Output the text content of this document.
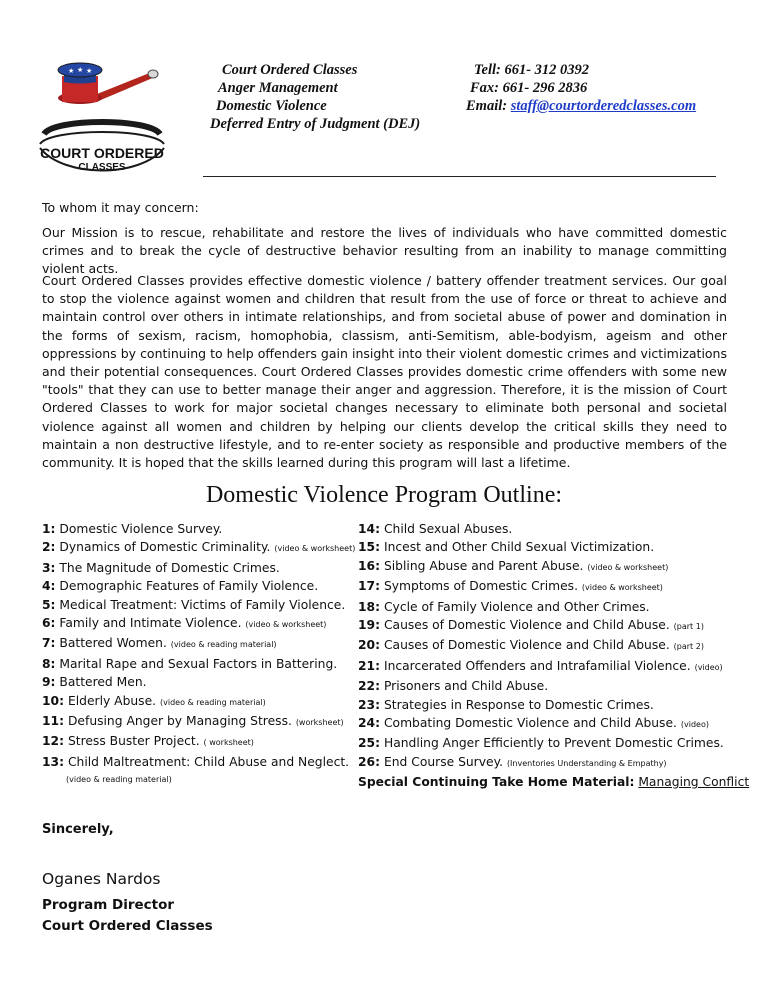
★ ★ ★
COURT ORDERED
CLASSES
Court Ordered Classes
Anger Management
Domestic Violence
Deferred Entry of Judgment (DEJ)
Tell: 661- 312 0392
Fax: 661- 296 2836
Email: staff@courtorderedclasses.com
To whom it may concern:

Our Mission is to rescue, rehabilitate and restore the lives of individuals who have committed domestic crimes and to break the cycle of destructive behavior resulting from an inability to manage committing violent acts.

Court Ordered Classes provides effective domestic violence / battery offender treatment services. Our goal to stop the violence against women and children that result from the use of force or threat to achieve and maintain control over others in intimate relationships, and from societal abuse of power and domination in the forms of sexism, racism, homophobia, classism, anti-Semitism, able-bodyism, ageism and other oppressions by continuing to help offenders gain insight into their violent domestic crimes and victimizations and their potential consequences. Court Ordered Classes provides domestic crime offenders with some new "tools" that they can use to better manage their anger and aggression. Therefore, it is the mission of Court Ordered Classes to work for major societal changes necessary to eliminate both personal and societal violence against all women and children by helping our clients develop the critical skills they need to maintain a non destructive lifestyle, and to re-enter society as responsible and productive members of the community. It is hoped that the skills learned during this program will last a lifetime.

Domestic Violence Program Outline:
1: Domestic Violence Survey.
2: Dynamics of Domestic Criminality. (video & worksheet)
3: The Magnitude of Domestic Crimes.
4: Demographic Features of Family Violence.
5: Medical Treatment: Victims of Family Violence.
6: Family and Intimate Violence. (video & worksheet)
7: Battered Women. (video & reading material)
8: Marital Rape and Sexual Factors in Battering.
9: Battered Men.
10: Elderly Abuse. (video & reading material)
11: Defusing Anger by Managing Stress. (worksheet)
12: Stress Buster Project. ( worksheet)
13: Child Maltreatment: Child Abuse and Neglect.
(video & reading material)
14: Child Sexual Abuses.
15: Incest and Other Child Sexual Victimization.
16: Sibling Abuse and Parent Abuse. (video & worksheet)
17: Symptoms of Domestic Crimes. (video & worksheet)
18: Cycle of Family Violence and Other Crimes.
19: Causes of Domestic Violence and Child Abuse. (part 1)
20: Causes of Domestic Violence and Child Abuse. (part 2)
21: Incarcerated Offenders and Intrafamilial Violence. (video)
22: Prisoners and Child Abuse.
23: Strategies in Response to Domestic Crimes.
24: Combating Domestic Violence and Child Abuse. (video)
25: Handling Anger Efficiently to Prevent Domestic Crimes.
26: End Course Survey. (Inventories Understanding & Empathy)
Special Continuing Take Home Material: Managing Conflict
Sincerely,
Oganes Nardos
Program Director
Court Ordered Classes
